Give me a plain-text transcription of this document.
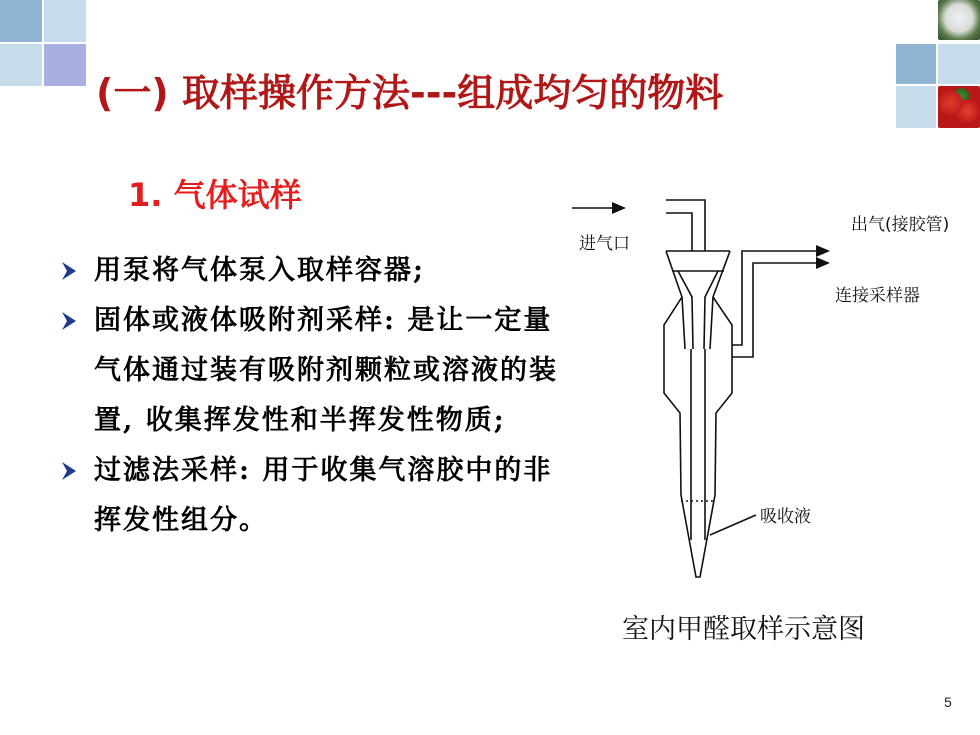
(一) 取样操作方法---组成均匀的物料
1. 气体试样
用泵将气体泵入取样容器;
固体或液体吸附剂采样: 是让一定量气体通过装有吸附剂颗粒或溶液的装置, 收集挥发性和半挥发性物质;
过滤法采样: 用于收集气溶胶中的非挥发性组分。
进气口
出气(接胶管)
连接采样器
吸收液
室内甲醛取样示意图
5
